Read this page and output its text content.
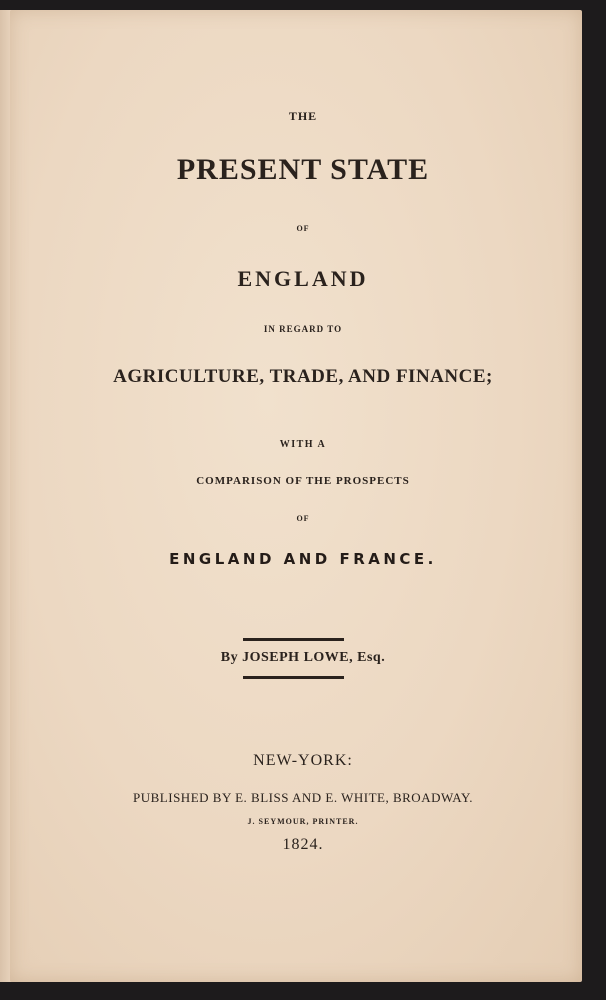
THE
PRESENT STATE
OF
ENGLAND
IN REGARD TO
AGRICULTURE, TRADE, AND FINANCE;
WITH A
COMPARISON OF THE PROSPECTS
OF
ENGLAND AND FRANCE.
By JOSEPH LOWE, Esq.
NEW-YORK:
PUBLISHED BY E. BLISS AND E. WHITE, BROADWAY.
J. SEYMOUR, PRINTER.
1824.
